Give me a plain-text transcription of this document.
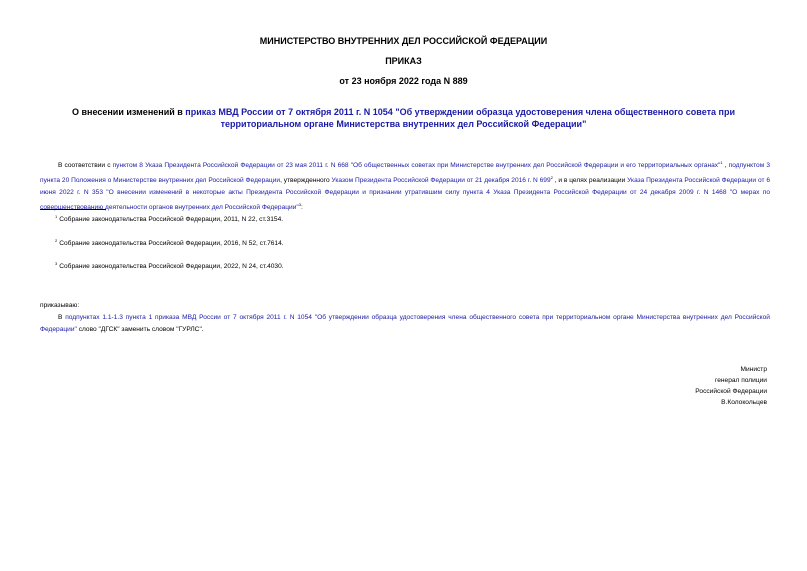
МИНИСТЕРСТВО ВНУТРЕННИХ ДЕЛ РОССИЙСКОЙ ФЕДЕРАЦИИ
ПРИКАЗ
от 23 ноября 2022 года N 889
О внесении изменений в приказ МВД России от 7 октября 2011 г. N 1054 "Об утверждении образца удостоверения члена общественного совета при территориальном органе Министерства внутренних дел Российской Федерации"
В соответствии с пунктом 8 Указа Президента Российской Федерации от 23 мая 2011 г. N 668 "Об общественных советах при Министерстве внутренних дел Российской Федерации и его территориальных органах"$^1$ , подпунктом 3 пункта 20 Положения о Министерстве внутренних дел Российской Федерации, утвержденного Указом Президента Российской Федерации от 21 декабря 2016 г. N 699$^2$ , и в целях реализации Указа Президента Российской Федерации от 6 июня 2022 г. N 353 "О внесении изменений в некоторые акты Президента Российской Федерации и признании утратившим силу пункта 4 Указа Президента Российской Федерации от 24 декабря 2009 г. N 1468 "О мерах по совершенствованию деятельности органов внутренних дел Российской Федерации"$^3$:
$^1$ Собрание законодательства Российской Федерации, 2011, N 22, ст.3154.
$^2$ Собрание законодательства Российской Федерации, 2016, N 52, ст.7614.
$^3$ Собрание законодательства Российской Федерации, 2022, N 24, ст.4030.
приказываю:
В подпунктах 1.1-1.3 пункта 1 приказа МВД России от 7 октября 2011 г. N 1054 "Об утверждении образца удостоверения члена общественного совета при территориальном органе Министерства внутренних дел Российской Федерации" слово "ДГСК" заменить словом "ГУРЛС".
Министр
генерал полиции
Российской Федерации
В.Колокольцев
